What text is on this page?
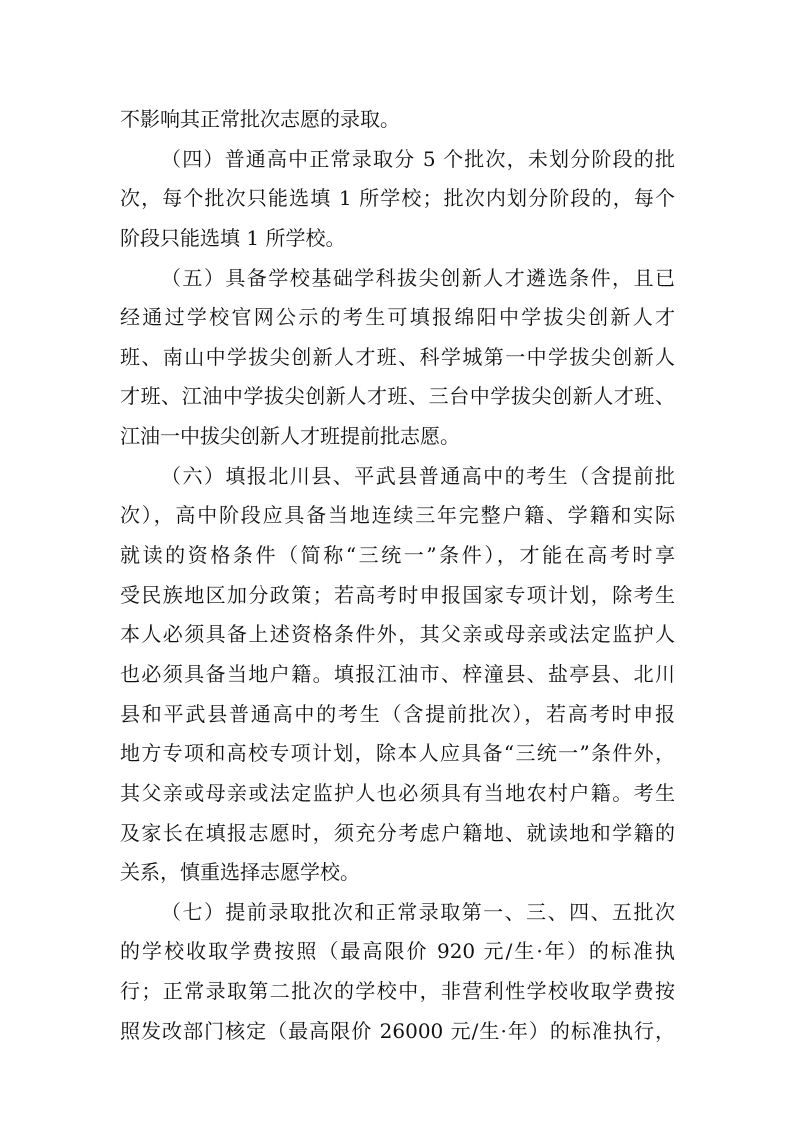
不影响其正常批次志愿的录取。
（四）普通高中正常录取分 5 个批次，未划分阶段的批
次，每个批次只能选填 1 所学校；批次内划分阶段的，每个
阶段只能选填 1 所学校。
（五）具备学校基础学科拔尖创新人才遴选条件，且已
经通过学校官网公示的考生可填报绵阳中学拔尖创新人才
班、南山中学拔尖创新人才班、科学城第一中学拔尖创新人
才班、江油中学拔尖创新人才班、三台中学拔尖创新人才班、
江油一中拔尖创新人才班提前批志愿。
（六）填报北川县、平武县普通高中的考生（含提前批
次），高中阶段应具备当地连续三年完整户籍、学籍和实际
就读的资格条件（简称“三统一”条件），才能在高考时享
受民族地区加分政策；若高考时申报国家专项计划，除考生
本人必须具备上述资格条件外，其父亲或母亲或法定监护人
也必须具备当地户籍。填报江油市、梓潼县、盐亭县、北川
县和平武县普通高中的考生（含提前批次），若高考时申报
地方专项和高校专项计划，除本人应具备“三统一”条件外，
其父亲或母亲或法定监护人也必须具有当地农村户籍。考生
及家长在填报志愿时，须充分考虑户籍地、就读地和学籍的
关系，慎重选择志愿学校。
（七）提前录取批次和正常录取第一、三、四、五批次
的学校收取学费按照（最高限价 920 元/生·年）的标准执
行；正常录取第二批次的学校中，非营利性学校收取学费按
照发改部门核定（最高限价 26000 元/生·年）的标准执行，
